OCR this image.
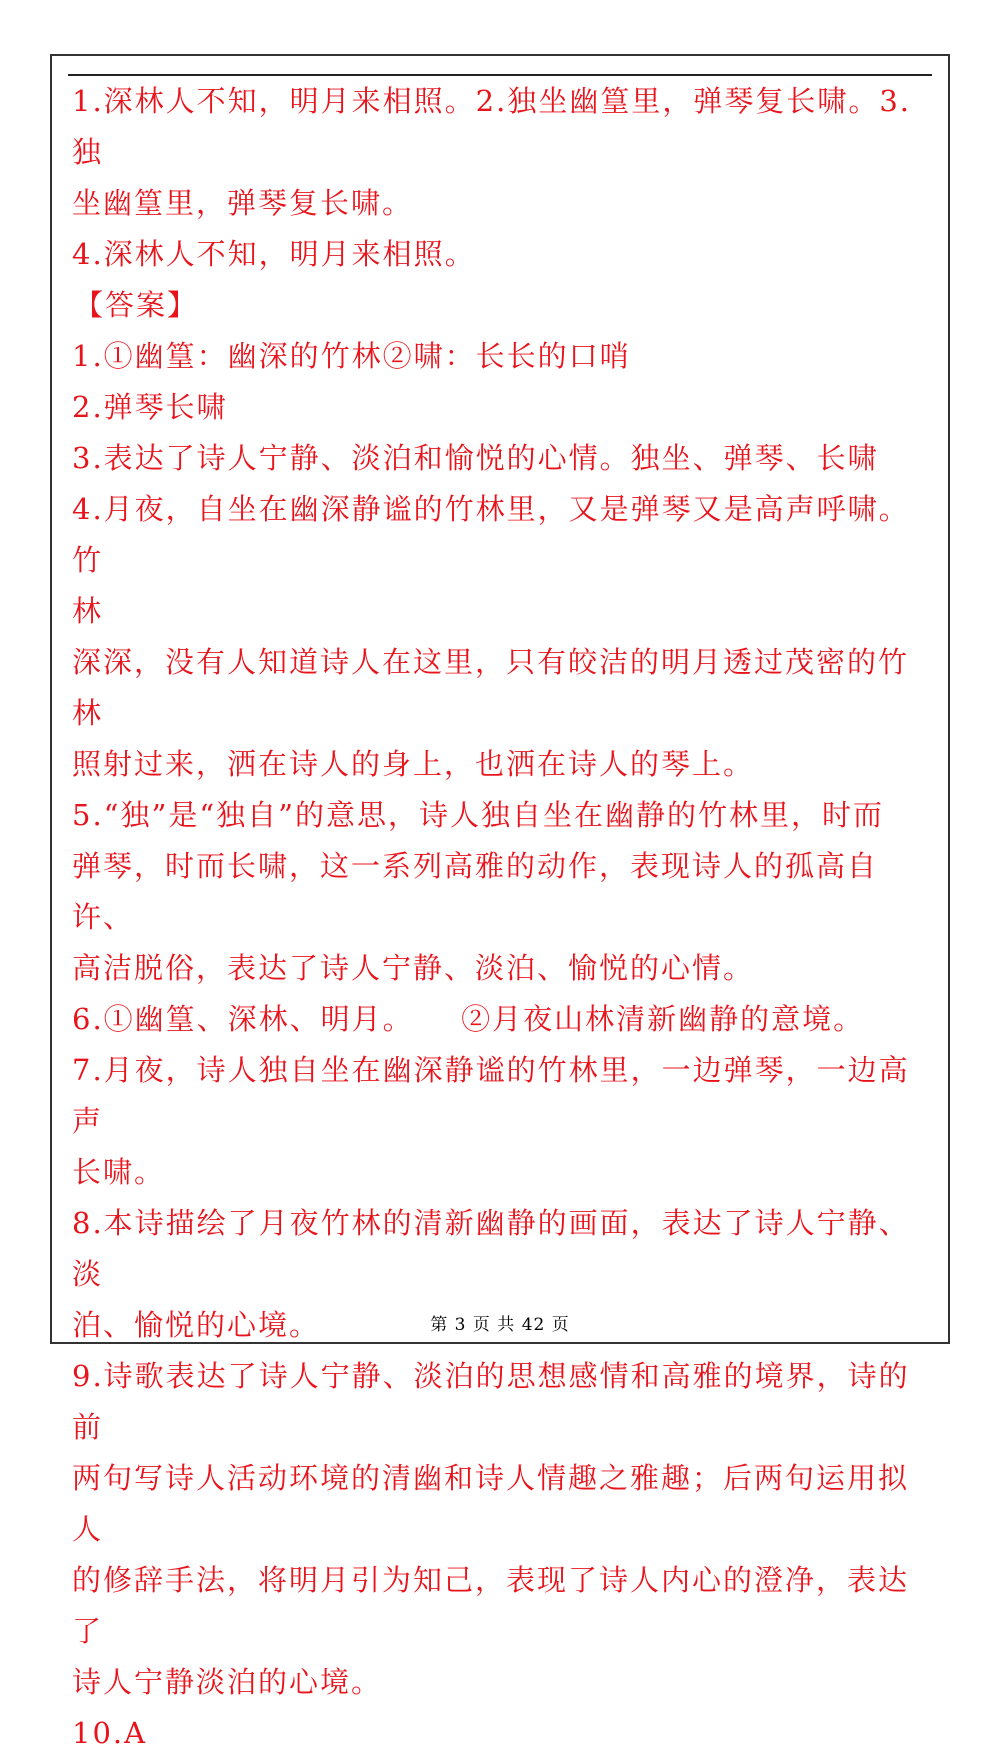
1.深林人不知，明月来相照。2.独坐幽篁里，弹琴复长啸。3.独

坐幽篁里，弹琴复长啸。

4.深林人不知，明月来相照。

【答案】

1.①幽篁：幽深的竹林②啸：长长的口哨

2.弹琴长啸

3.表达了诗人宁静、淡泊和愉悦的心情。独坐、弹琴、长啸

4.月夜，自坐在幽深静谧的竹林里，又是弹琴又是高声呼啸。竹

林

深深，没有人知道诗人在这里，只有皎洁的明月透过茂密的竹林

照射过来，洒在诗人的身上，也洒在诗人的琴上。

5.“独”是“独自”的意思，诗人独自坐在幽静的竹林里，时而

弹琴，时而长啸，这一系列高雅的动作，表现诗人的孤高自许、

高洁脱俗，表达了诗人宁静、淡泊、愉悦的心情。

6.①幽篁、深林、明月。　　②月夜山林清新幽静的意境。

7.月夜，诗人独自坐在幽深静谧的竹林里，一边弹琴，一边高声

长啸。

8.本诗描绘了月夜竹林的清新幽静的画面，表达了诗人宁静、淡

泊、愉悦的心境。

9.诗歌表达了诗人宁静、淡泊的思想感情和高雅的境界，诗的前

两句写诗人活动环境的清幽和诗人情趣之雅趣；后两句运用拟人

的修辞手法，将明月引为知己，表现了诗人内心的澄净，表达了

诗人宁静淡泊的心境。

10.A

第 3 页 共 42 页
